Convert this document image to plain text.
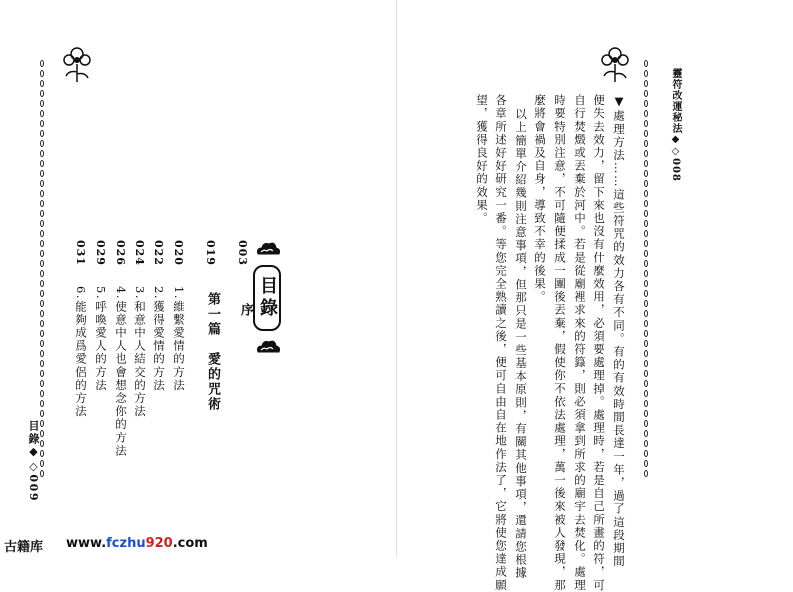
目錄◆◇009
目錄
003
019
020
022
024
026
029
031
序
第一篇　愛的咒術
1.維繫愛情的方法
2.獲得愛情的方法
3.和意中人結交的方法
4.使意中人也會想念你的方法
5.呼喚愛人的方法
6.能夠成爲愛侶的方法
靈符改運秘法◆◇008
▼處理方法……這些符咒的效力各有不同。有的有效時間長達一年，過了這段期間
便失去效力，留下來也沒有什麼效用，必須要處理掉。處理時，若是自己所畫的符，可
自行焚燬或丟棄於河中。若是從廟裡求來的符籙，則必須拿到所求的廟宇去焚化。處理
時要特別注意，不可隨便揉成一團後丟棄，假使你不依法處理，萬一後來被人發現，那
麼將會禍及自身，導致不幸的後果。
以上簡單介紹幾則注意事項，但那只是一些基本原則，有關其他事項，還請您根據
各章所述好好研究一番。等您完全熟讀之後，便可自由自在地作法了，它將使您達成願
望，獲得良好的效果。
古籍库 www.fczhu920.com
